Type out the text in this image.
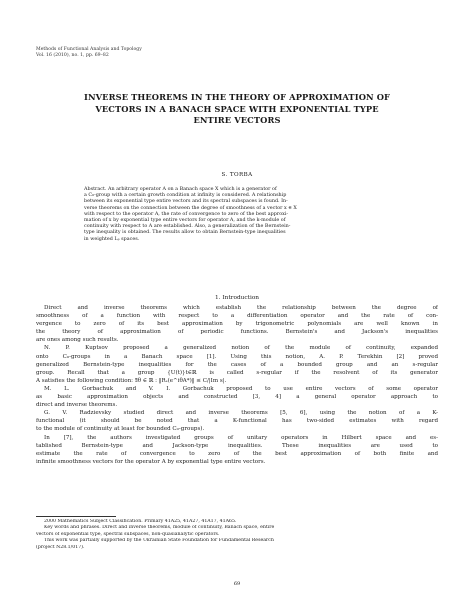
Methods of Functional Analysis and Topology
Vol. 16 (2010), no. 1, pp. 69–82
INVERSE THEOREMS IN THE THEORY OF APPROXIMATION OF
VECTORS IN A BANACH SPACE WITH EXPONENTIAL TYPE
ENTIRE VECTORS
S. TORBA
Abstract. An arbitrary operator A on a Banach space X which is a generator of
a C₀-group with a certain growth condition at infinity is considered. A relationship
between its exponential type entire vectors and its spectral subspaces is found. In-
verse theorems on the connection between the degree of smoothness of a vector x ∈ X
with respect to the operator A, the rate of convergence to zero of the best approxi-
mation of x by exponential type entire vectors for operator A, and the k-module of
continuity with respect to A are established. Also, a generalization of the Bernstein-
type inequality is obtained. The results allow to obtain Bernstein-type inequalities
in weighted Lₚ spaces.
1. Introduction
Direct and inverse theorems which establish the relationship between the degree of
smoothness of a function with respect to a differentiation operator and the rate of con-
vergence to zero of its best approximation by trigonometric polynomials are well known in
the theory of approximation of periodic functions. Bernstein's and Jackson's inequalities
are ones among such results.
N. P. Kuptsov proposed a generalized notion of the module of continuity, expanded
onto C₀-groups in a Banach space [1]. Using this notion, A. P. Terekhin [2] proved
generalized Bernstein-type inequalities for the cases of a bounded group and an s-regular
group. Recall that a group {U(t)}t∈ℝ is called s-regular if the resolvent of its generator
A satisfies the following condition: ∃θ ∈ ℝ : ‖Rₛ(e^iθA*)‖ ≤ C/|Im s|.
M. L. Gorbachuk and V. I. Gorbachuk proposed to use entire vectors of some operator
as basic approximation objects and constructed [3, 4] a general operator approach to
direct and inverse theorems.
G. V. Radzievsky studied direct and inverse theorems [5, 6], using the notion of a K-
functional (it should be noted that a K-functional has two-sided estimates with regard
to the module of continuity at least for bounded C₀-groups).
In [7], the authors investigated groups of unitary operators in Hilbert space and es-
tablished Bernstein-type and Jackson-type inequalities. These inequalities are used to
estimate the rate of convergence to zero of the best approximation of both finite and
infinite smoothness vectors for the operator A by exponential type entire vectors.
2000 Mathematics Subject Classification. Primary 41A25, 41A27, 41A17, 41A65.
Key words and phrases. Direct and inverse theorems, module of continuity, Banach space, entire
vectors of exponential type, spectral subspaces, non-quasianalytic operators.
This work was partially supported by the Ukrainian State Foundation for Fundamental Research
(project N28.1/017).
69
